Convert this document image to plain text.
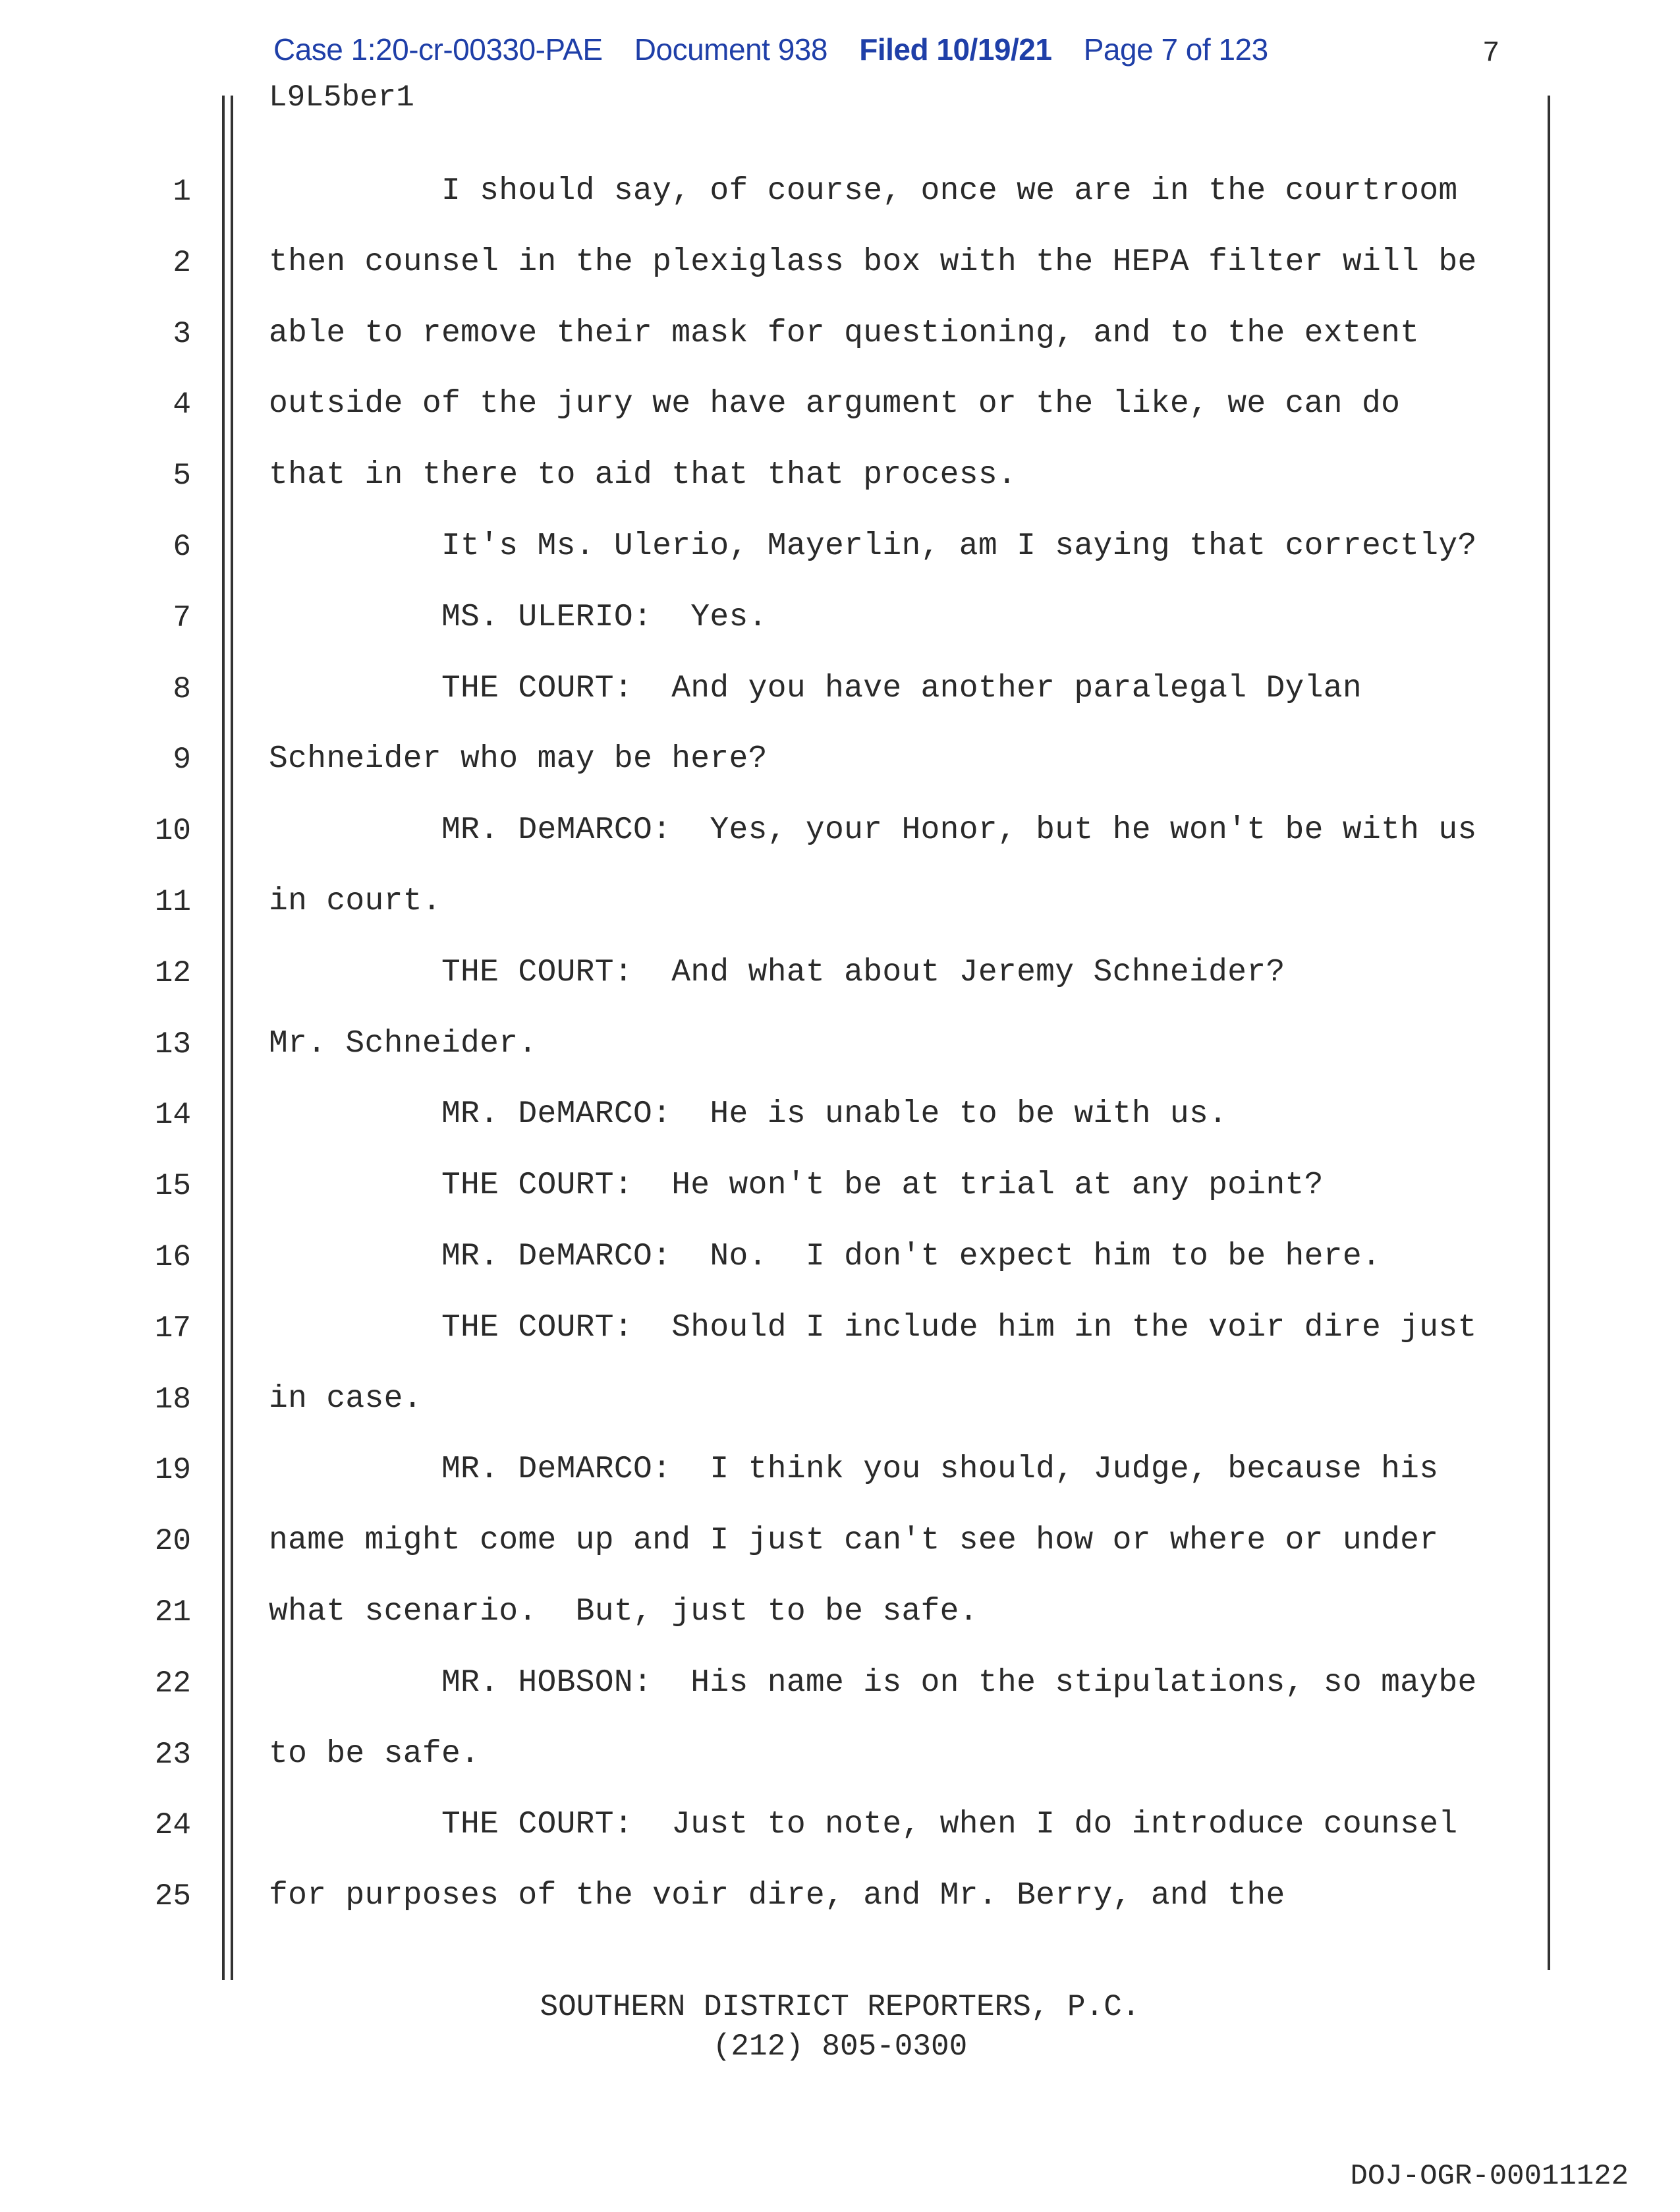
Case 1:20-cr-00330-PAE Document 938 Filed 10/19/21 Page 7 of 123	7
L9L5ber1
1 I should say, of course, once we are in the courtroom
2 then counsel in the plexiglass box with the HEPA filter will be
3 able to remove their mask for questioning, and to the extent
4 outside of the jury we have argument or the like, we can do
5 that in there to aid that that process.
6 It's Ms. Ulerio, Mayerlin, am I saying that correctly?
7 MS. ULERIO:  Yes.
8 THE COURT:  And you have another paralegal Dylan
9 Schneider who may be here?
10 MR. DeMARCO:  Yes, your Honor, but he won't be with us
11 in court.
12 THE COURT:  And what about Jeremy Schneider?
13 Mr. Schneider.
14 MR. DeMARCO:  He is unable to be with us.
15 THE COURT:  He won't be at trial at any point?
16 MR. DeMARCO:  No.  I don't expect him to be here.
17 THE COURT:  Should I include him in the voir dire just
18 in case.
19 MR. DeMARCO:  I think you should, Judge, because his
20 name might come up and I just can't see how or where or under
21 what scenario.  But, just to be safe.
22 MR. HOBSON:  His name is on the stipulations, so maybe
23 to be safe.
24 THE COURT:  Just to note, when I do introduce counsel
25 for purposes of the voir dire, and Mr. Berry, and the
SOUTHERN DISTRICT REPORTERS, P.C.
(212) 805-0300
DOJ-OGR-00011122
